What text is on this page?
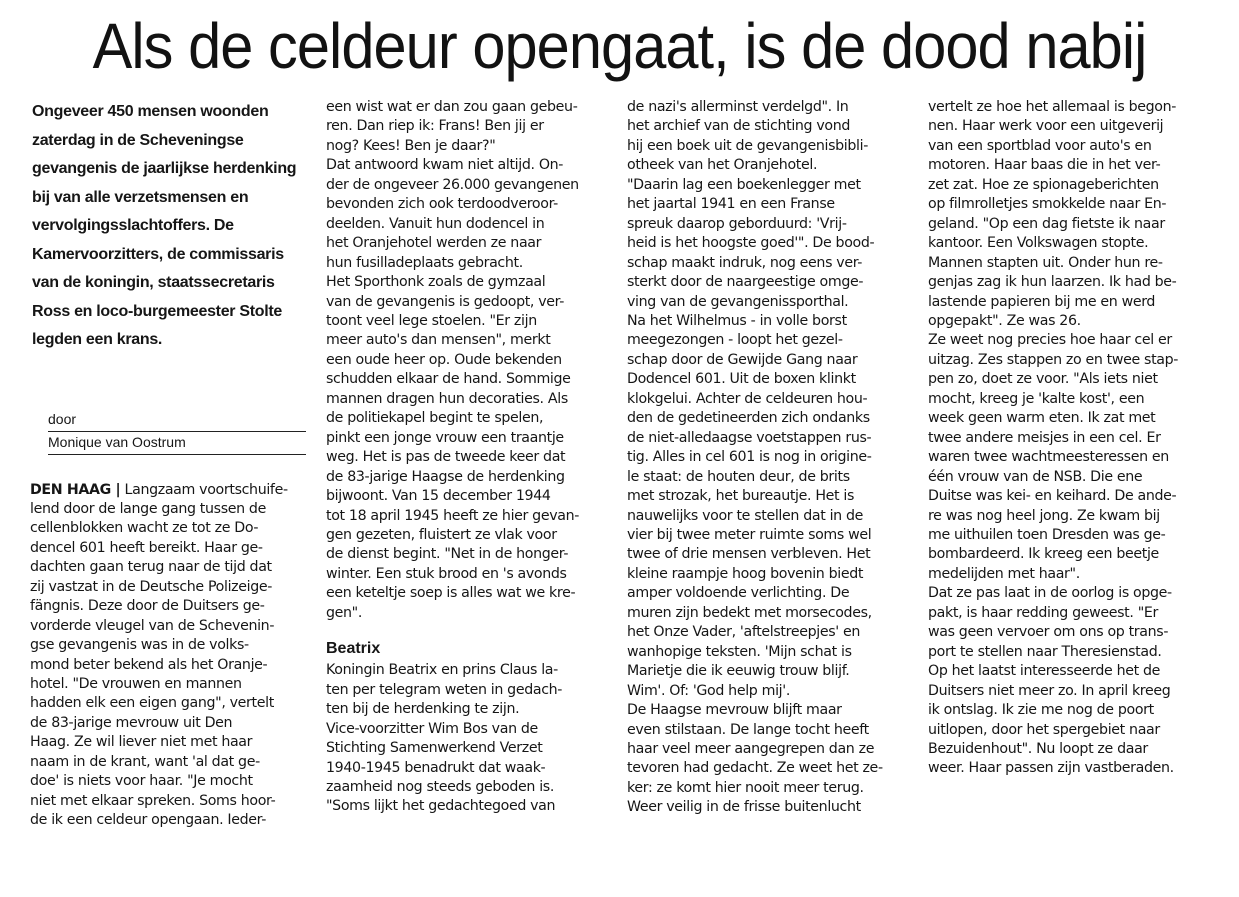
Als de celdeur opengaat, is de dood nabij

Ongeveer 450 mensen woonden
zaterdag in de Scheveningse
gevangenis de jaarlijkse herdenking
bij van alle verzetsmensen en
vervolgingsslachtoffers. De
Kamervoorzitters, de commissaris
van de koningin, staatssecretaris
Ross en loco-burgemeester Stolte
legden een krans.

door
Monique van Oostrum

DEN HAAG | Langzaam voortschuife-
lend door de lange gang tussen de
cellenblokken wacht ze tot ze Do-
dencel 601 heeft bereikt. Haar ge-
dachten gaan terug naar de tijd dat
zij vastzat in de Deutsche Polizeige-
fängnis. Deze door de Duitsers ge-
vorderde vleugel van de Schevenin-
gse gevangenis was in de volks-
mond beter bekend als het Oranje-
hotel. "De vrouwen en mannen
hadden elk een eigen gang", vertelt
de 83-jarige mevrouw uit Den
Haag. Ze wil liever niet met haar
naam in de krant, want 'al dat ge-
doe' is niets voor haar. "Je mocht
niet met elkaar spreken. Soms hoor-
de ik een celdeur opengaan. Ieder-

een wist wat er dan zou gaan gebeu-
ren. Dan riep ik: Frans! Ben jij er
nog? Kees! Ben je daar?"
Dat antwoord kwam niet altijd. On-
der de ongeveer 26.000 gevangenen
bevonden zich ook terdoodveroor-
deelden. Vanuit hun dodencel in
het Oranjehotel werden ze naar
hun fusilladeplaats gebracht.
Het Sporthonk zoals de gymzaal
van de gevangenis is gedoopt, ver-
toont veel lege stoelen. "Er zijn
meer auto's dan mensen", merkt
een oude heer op. Oude bekenden
schudden elkaar de hand. Sommige
mannen dragen hun decoraties. Als
de politiekapel begint te spelen,
pinkt een jonge vrouw een traantje
weg. Het is pas de tweede keer dat
de 83-jarige Haagse de herdenking
bijwoont. Van 15 december 1944
tot 18 april 1945 heeft ze hier gevan-
gen gezeten, fluistert ze vlak voor
de dienst begint. "Net in de honger-
winter. Een stuk brood en 's avonds
een keteltje soep is alles wat we kre-
gen".

Beatrix

Koningin Beatrix en prins Claus la-
ten per telegram weten in gedach-
ten bij de herdenking te zijn.
Vice-voorzitter Wim Bos van de
Stichting Samenwerkend Verzet
1940-1945 benadrukt dat waak-
zaamheid nog steeds geboden is.
"Soms lijkt het gedachtegoed van

de nazi's allerminst verdelgd". In
het archief van de stichting vond
hij een boek uit de gevangenisbibli-
otheek van het Oranjehotel.
"Daarin lag een boekenlegger met
het jaartal 1941 en een Franse
spreuk daarop geborduurd: 'Vrij-
heid is het hoogste goed'". De bood-
schap maakt indruk, nog eens ver-
sterkt door de naargeestige omge-
ving van de gevangenissporthal.
Na het Wilhelmus - in volle borst
meegezongen - loopt het gezel-
schap door de Gewijde Gang naar
Dodencel 601. Uit de boxen klinkt
klokgelui. Achter de celdeuren hou-
den de gedetineerden zich ondanks
de niet-alledaagse voetstappen rus-
tig. Alles in cel 601 is nog in origine-
le staat: de houten deur, de brits
met strozak, het bureautje. Het is
nauwelijks voor te stellen dat in de
vier bij twee meter ruimte soms wel
twee of drie mensen verbleven. Het
kleine raampje hoog bovenin biedt
amper voldoende verlichting. De
muren zijn bedekt met morsecodes,
het Onze Vader, 'aftelstreepjes' en
wanhopige teksten. 'Mijn schat is
Marietje die ik eeuwig trouw blijf.
Wim'. Of: 'God help mij'.
De Haagse mevrouw blijft maar
even stilstaan. De lange tocht heeft
haar veel meer aangegrepen dan ze
tevoren had gedacht. Ze weet het ze-
ker: ze komt hier nooit meer terug.
Weer veilig in de frisse buitenlucht

vertelt ze hoe het allemaal is begon-
nen. Haar werk voor een uitgeverij
van een sportblad voor auto's en
motoren. Haar baas die in het ver-
zet zat. Hoe ze spionageberichten
op filmrolletjes smokkelde naar En-
geland. "Op een dag fietste ik naar
kantoor. Een Volkswagen stopte.
Mannen stapten uit. Onder hun re-
genjas zag ik hun laarzen. Ik had be-
lastende papieren bij me en werd
opgepakt". Ze was 26.
Ze weet nog precies hoe haar cel er
uitzag. Zes stappen zo en twee stap-
pen zo, doet ze voor. "Als iets niet
mocht, kreeg je 'kalte kost', een
week geen warm eten. Ik zat met
twee andere meisjes in een cel. Er
waren twee wachtmeesteressen en
één vrouw van de NSB. Die ene
Duitse was kei- en keihard. De ande-
re was nog heel jong. Ze kwam bij
me uithuilen toen Dresden was ge-
bombardeerd. Ik kreeg een beetje
medelijden met haar".
Dat ze pas laat in de oorlog is opge-
pakt, is haar redding geweest. "Er
was geen vervoer om ons op trans-
port te stellen naar Theresienstad.
Op het laatst interesseerde het de
Duitsers niet meer zo. In april kreeg
ik ontslag. Ik zie me nog de poort
uitlopen, door het spergebiet naar
Bezuidenhout". Nu loopt ze daar
weer. Haar passen zijn vastberaden.
